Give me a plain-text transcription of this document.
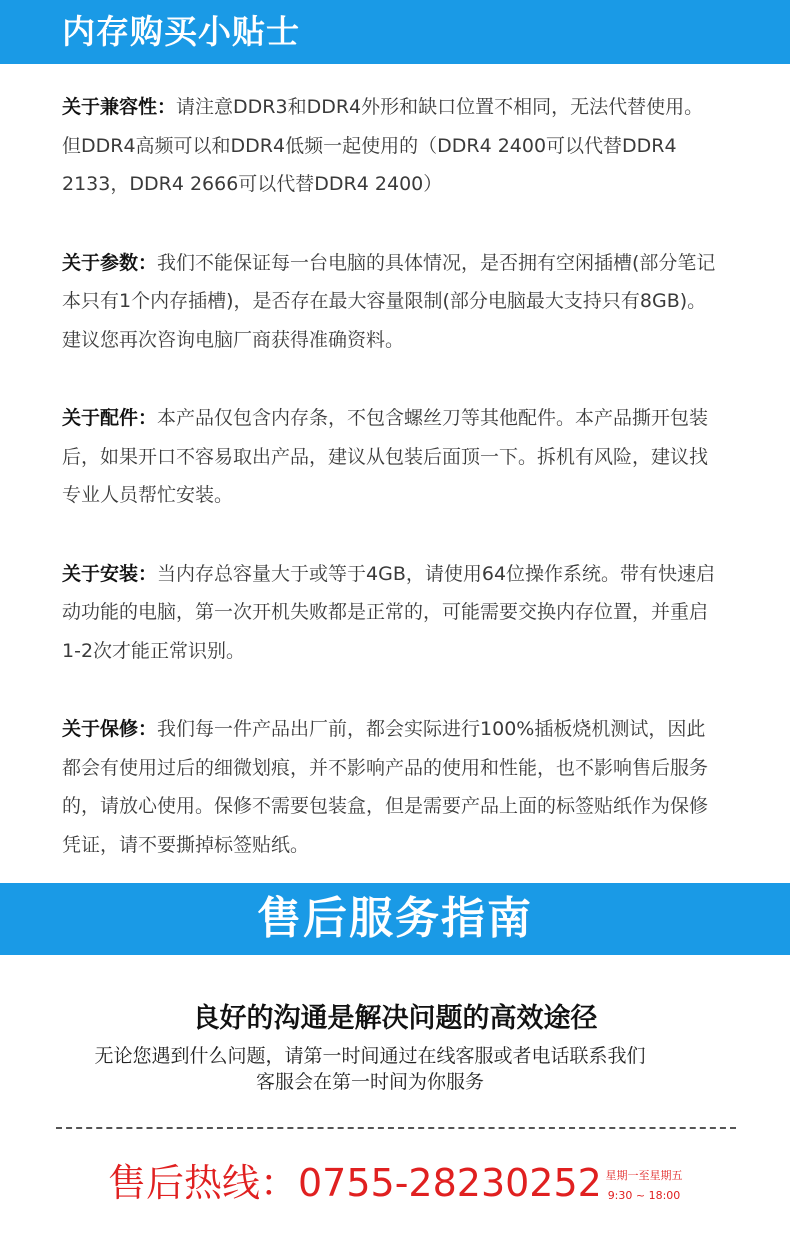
内存购买小贴士

关于兼容性：请注意DDR3和DDR4外形和缺口位置不相同，无法代替使用。但DDR4高频可以和DDR4低频一起使用的（DDR4 2400可以代替DDR4 2133，DDR4 2666可以代替DDR4 2400）

关于参数：我们不能保证每一台电脑的具体情况，是否拥有空闲插槽(部分笔记本只有1个内存插槽)，是否存在最大容量限制(部分电脑最大支持只有8GB)。建议您再次咨询电脑厂商获得准确资料。

关于配件：本产品仅包含内存条，不包含螺丝刀等其他配件。本产品撕开包装后，如果开口不容易取出产品，建议从包装后面顶一下。拆机有风险，建议找专业人员帮忙安装。

关于安装：当内存总容量大于或等于4GB，请使用64位操作系统。带有快速启动功能的电脑，第一次开机失败都是正常的，可能需要交换内存位置，并重启1-2次才能正常识别。

关于保修：我们每一件产品出厂前，都会实际进行100%插板烧机测试，因此都会有使用过后的细微划痕，并不影响产品的使用和性能，也不影响售后服务的，请放心使用。保修不需要包装盒，但是需要产品上面的标签贴纸作为保修凭证，请不要撕掉标签贴纸。

售后服务指南
良好的沟通是解决问题的高效途径
无论您遇到什么问题，请第一时间通过在线客服或者电话联系我们
客服会在第一时间为你服务
售后热线：0755-28230252 星期一至星期五
9:30 ~ 18:00
